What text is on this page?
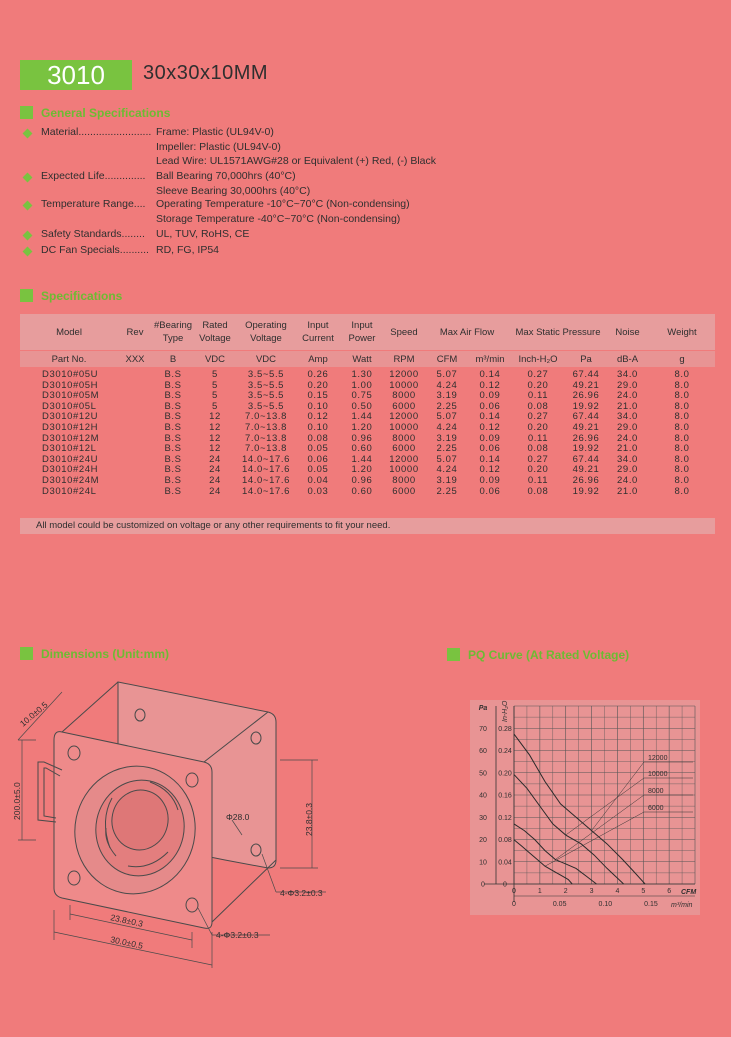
3010	30x30x10MM
General Specifications
Material......................... Frame: Plastic (UL94V-0)
Impeller: Plastic (UL94V-0)
Lead Wire: UL1571AWG#28 or Equivalent (+) Red, (-) Black
Expected Life.............. Ball Bearing 70,000hrs (40°C)
Sleeve Bearing 30,000hrs (40°C)
Temperature Range.... Operating Temperature -10°C~70°C (Non-condensing)
Storage Temperature -40°C~70°C (Non-condensing)
Safety Standards........ UL, TUV, RoHS, CE
DC Fan Specials.......... RD, FG, IP54
Specifications
Model	Rev	#Bearing Type	Rated Voltage	Operating Voltage	Input Current	Input Power	Speed	Max Air Flow		Max Static Pressure		Noise	Weight
Part No.	XXX	B	VDC	VDC	Amp	Watt	RPM	CFM	m³/min	Inch-H₂O	Pa	dB-A	g

D3010#05U		B.S	5	3.5~5.5	0.26	1.30	12000	5.07	0.14	0.27	67.44	34.0	8.0
D3010#05H		B.S	5	3.5~5.5	0.20	1.00	10000	4.24	0.12	0.20	49.21	29.0	8.0
D3010#05M		B.S	5	3.5~5.5	0.15	0.75	8000	3.19	0.09	0.11	26.96	24.0	8.0
D3010#05L		B.S	5	3.5~5.5	0.10	0.50	6000	2.25	0.06	0.08	19.92	21.0	8.0
D3010#12U		B.S	12	7.0~13.8	0.12	1.44	12000	5.07	0.14	0.27	67.44	34.0	8.0
D3010#12H		B.S	12	7.0~13.8	0.10	1.20	10000	4.24	0.12	0.20	49.21	29.0	8.0
D3010#12M		B.S	12	7.0~13.8	0.08	0.96	8000	3.19	0.09	0.11	26.96	24.0	8.0
D3010#12L		B.S	12	7.0~13.8	0.05	0.60	6000	2.25	0.06	0.08	19.92	21.0	8.0
D3010#24U		B.S	24	14.0~17.6	0.06	1.44	12000	5.07	0.14	0.27	67.44	34.0	8.0
D3010#24H		B.S	24	14.0~17.6	0.05	1.20	10000	4.24	0.12	0.20	49.21	29.0	8.0
D3010#24M		B.S	24	14.0~17.6	0.04	0.96	8000	3.19	0.09	0.11	26.96	24.0	8.0
D3010#24L		B.S	24	14.0~17.6	0.03	0.60	6000	2.25	0.06	0.08	19.92	21.0	8.0
All model could be customized on voltage or any other requirements to fit your need.
Dimensions (Unit:mm)
10.0±0.5
200.0±5.0	Φ28.0	23.8±0.3
4-Φ3.2±0.3
23.8±0.3
30.0±0.5	4-Φ3.2±0.3
PQ Curve (At Rated Voltage)
0	0
10 0.04
20 0.08
30 0.12
40 0.16
50 0.20
60 0.24
70 0.28
0	1	2	3	4	5	6
0	0.05	0.10	0.15
CFM
m³/min
Pa In-H₂O
12000
10000
8000
6000
